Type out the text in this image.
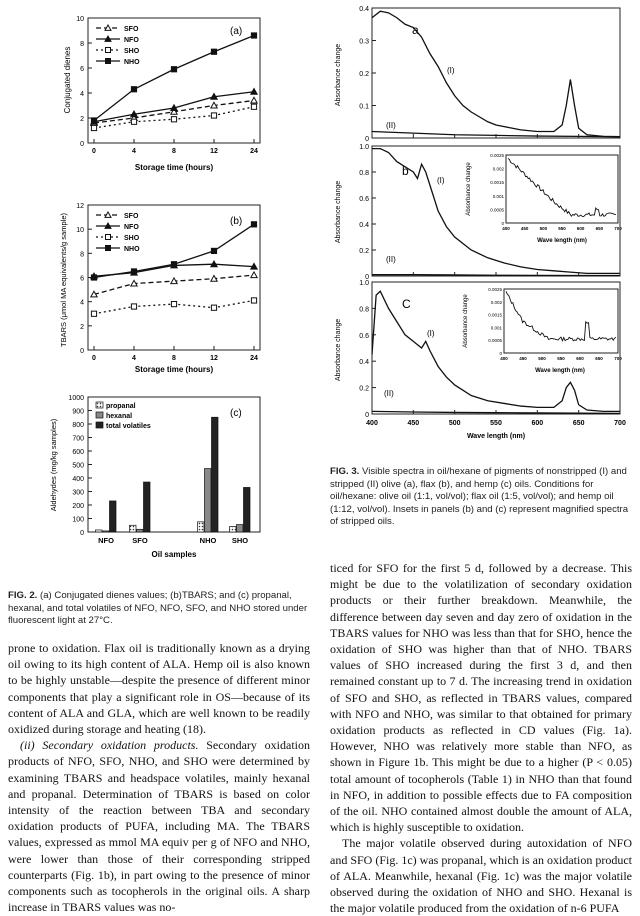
(a)
Conjugated dienes
Storage time (hours)
0
2
4
6
8
10
0	4	8	12	24
SFO
NFO
SHO
NHO
(b)
TBARS (μmol MA equivalents/g sample)
Storage time (hours)
0
2
4
6
8
10
12
0	4	8	12	24
SFO
NFO
SHO
NHO
(c)
Aldehydes (mg/kg samples)
Oil samples
0
100
200
300
400
500
600
700
800
900
1000
NFO SFO	NHO SHO
propanal
hexanal
total volatiles
a
Absorbance change	(I)
(II)
0
0.1
0.2
0.3
0.4
b
Absorbance change
(I)
(II)
0
0.2
0.4
0.6
0.8
1.0
Absorbance change
Wave length (nm)
0
0.0005
0.001
0.0015
0.002
0.0025
400 450 500 550 600 650 700
C
Absorbance change	(I)
(II)
0
0.2
0.4
0.6
0.8
1.0
Absorbance change
Wave length (nm)
0
0.0005
0.001
0.0015
0.002
0.0025
400	450	500	550	600	650	700
400	450	500	550	600	650	700
Wave length (nm)
FIG. 2. (a) Conjugated dienes values; (b)TBARS; and (c) propanal, hexanal, and total volatiles of NFO, NFO, SFO, and NHO stored under fluorescent light at 27°C.
FIG. 3. Visible spectra in oil/hexane of pigments of nonstripped (I) and stripped (II) olive (a), flax (b), and hemp (c) oils. Conditions for oil/hexane: olive oil (1:1, vol/vol); flax oil (1:5, vol/vol); and hemp oil (1:12, vol/vol). Insets in panels (b) and (c) represent magnified spectra of stripped oils.

prone to oxidation. Flax oil is traditionally known as a drying oil owing to its high content of ALA. Hemp oil is also known to be highly unstable—despite the presence of different minor components that play a significant role in OS—because of its content of ALA and GLA, which are well known to be readily oxidized during storage and heating (18).

(ii) Secondary oxidation products. Secondary oxidation products of NFO, SFO, NHO, and SHO were determined by examining TBARS and headspace volatiles, mainly hexanal and propanal. Determination of TBARS is based on color intensity of the reaction between TBA and secondary oxidation products of PUFA, including MA. The TBARS values, expressed as mmol MA equiv per g of NFO and NHO, were lower than those of their corresponding stripped counterparts (Fig. 1b), in part owing to the presence of minor components such as tocopherols in the original oils. A sharp increase in TBARS values was no-

ticed for SFO for the first 5 d, followed by a decrease. This might be due to the volatilization of secondary oxidation products or their further breakdown. Meanwhile, the difference between day seven and day zero of oxidation in the TBARS values for NHO was less than that for SHO, hence the oxidation of SHO was higher than that of NHO. TBARS values of SHO increased during the first 3 d, and then remained constant up to 7 d. The increasing trend in oxidation of SFO and SHO, as reflected in TBARS values, compared with NFO and NHO, was similar to that obtained for primary oxidation products as reflected in CD values (Fig. 1a). However, NHO was relatively more stable than NFO, as shown in Figure 1b. This might be due to a higher (P < 0.05) total amount of tocopherols (Table 1) in NHO than that found in NFO, in addition to possible effects due to FA composition of the oil. NHO contained almost double the amount of ALA, which is highly susceptible to oxidation.

The major volatile observed during autoxidation of NFO and SFO (Fig. 1c) was propanal, which is an oxidation product of ALA. Meanwhile, hexanal (Fig. 1c) was the major volatile observed during the oxidation of NHO and SHO. Hexanal is the major volatile produced from the oxidation of n-6 PUFA
